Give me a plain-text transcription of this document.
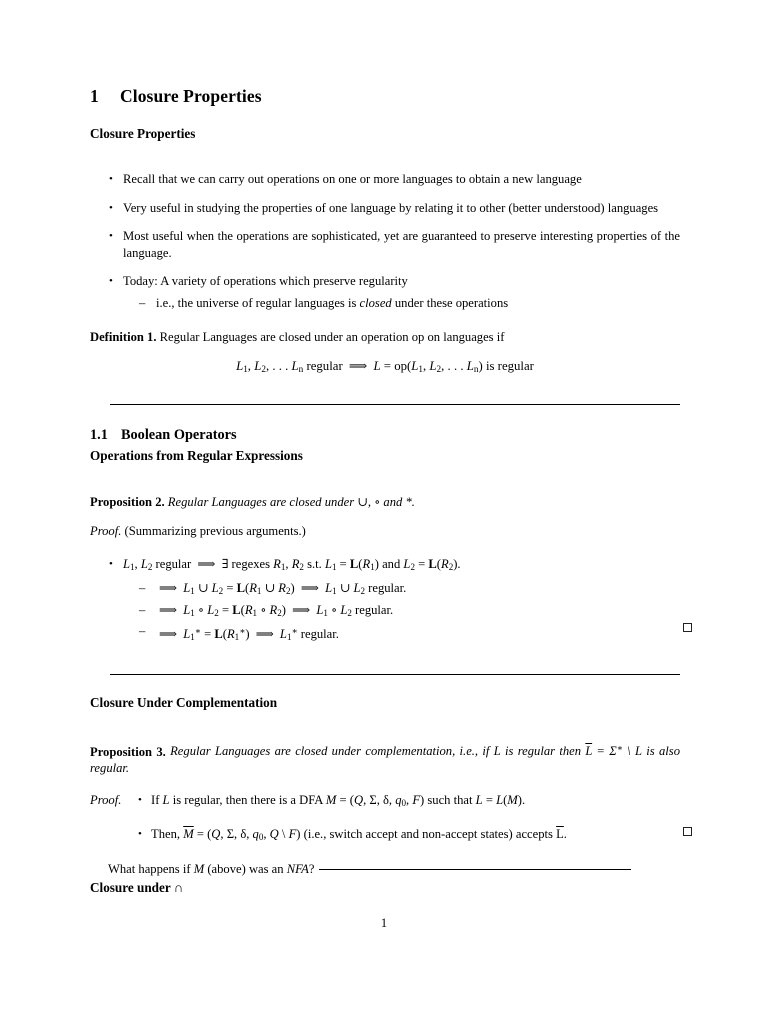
1	Closure Properties
Closure Properties
• Recall that we can carry out operations on one or more languages to obtain a new language
• Very useful in studying the properties of one language by relating it to other (better understood) languages
• Most useful when the operations are sophisticated, yet are guaranteed to preserve interesting properties of the language.
• Today: A variety of operations which preserve regularity
– i.e., the universe of regular languages is closed under these operations
Definition 1. Regular Languages are closed under an operation op on languages if
$L_1$, $L_2$, . . . $L_n$ regular ⟹ $L = op(L_1$, $L_2$, . . . $L_n$) is regular
1.1 Boolean Operators
Operations from Regular Expressions
Proposition 2. Regular Languages are closed under ∪, ∘ and *.
Proof. (Summarizing previous arguments.)
• $L_1$, $L_2$ regular ⟹ ∃ regexes $R_1$, $R_2$ s.t. $L_1 = L(R_1)$ and $L_2 = L(R_2)$.
– ⟹ $L_1$ ∪ $L_2 = L(R_1$ ∪ $R_2$) ⟹ $L_1$ ∪ $L_2$ regular.
– ⟹ $L_1$ ∘ $L_2 = L(R_1$ ∘ $R_2$) ⟹ $L_1$ ∘ $L_2$ regular.
– ⟹ $L_1^∗ = L(R_1^∗)$ ⟹ $L_1^∗$ regular.
Closure Under Complementation
Proposition 3. Regular Languages are closed under complementation, i.e., if L is regular then $\overline{L} = \Sigma^∗$ \ L is also regular.
Proof. • If L is regular, then there is a DFA M = (Q, Σ, δ, $q_0$, F) such that L = L(M).
• Then, $\overline{M} = (Q$, Σ, δ, $q_0$, Q \ F) (i.e., switch accept and non-accept states) accepts $\overline{L}$.
What happens if M (above) was an NFA?
Closure under ∩
1
